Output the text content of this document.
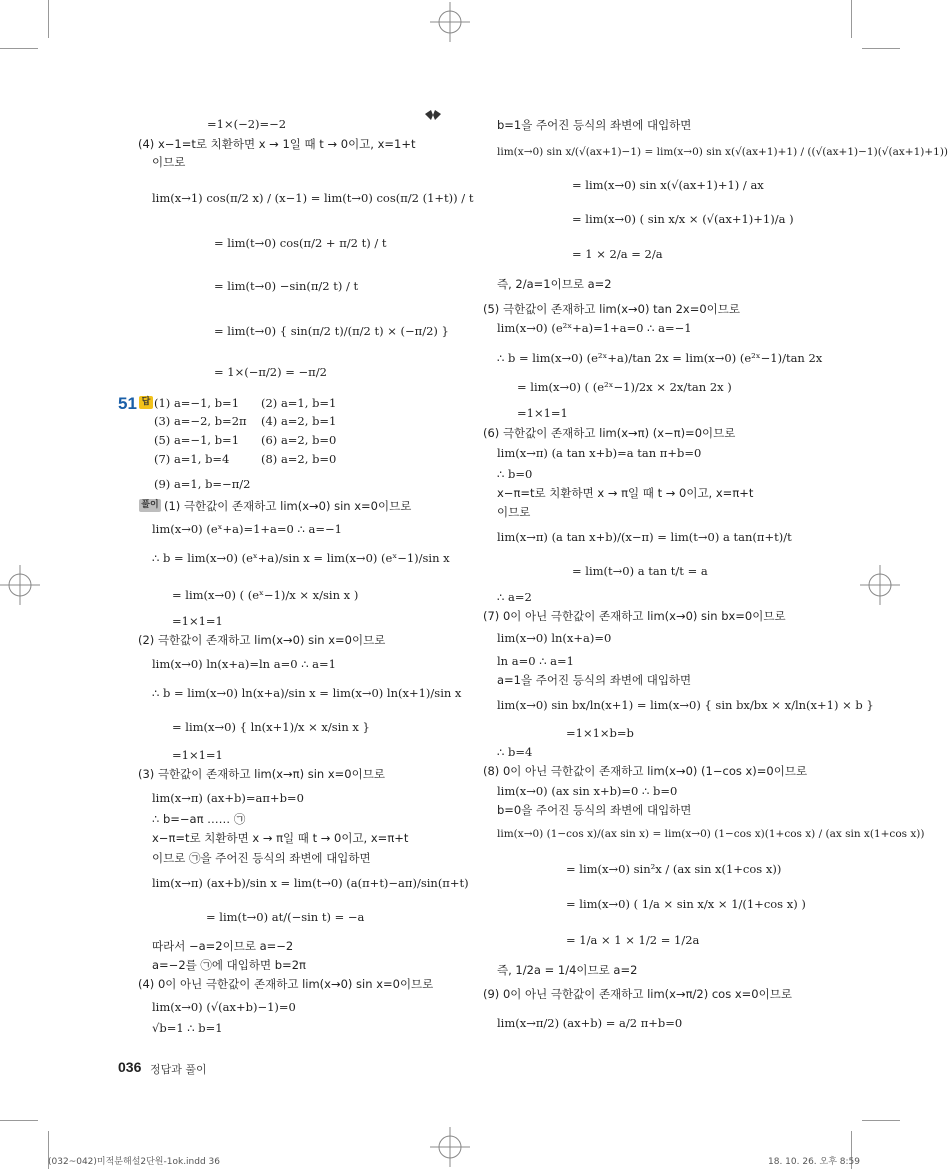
=1×(−2)=−2
(4) x−1=t로 치환하면 x → 1일 때 t → 0이고, x=1+t
이므로
lim(x→1) cos(π/2 x) / (x−1) = lim(t→0) cos(π/2 (1+t)) / t
= lim(t→0) cos(π/2 + π/2 t) / t
= lim(t→0) −sin(π/2 t) / t
= lim(t→0) { sin(π/2 t)/(π/2 t) × (−π/2) }
= 1×(−π/2) = −π/2
51 답 (1) a=−1, b=1 (2) a=1, b=1
(3) a=−2, b=2π (4) a=2, b=1
(5) a=−1, b=1 (6) a=2, b=0
(7) a=1, b=4	(8) a=2, b=0
(9) a=1, b=−π/2
풀이 (1) 극한값이 존재하고 lim(x→0) sin x=0이므로
lim(x→0) (eˣ+a)=1+a=0 ∴ a=−1
∴ b = lim(x→0) (eˣ+a)/sin x = lim(x→0) (eˣ−1)/sin x
= lim(x→0) ( (eˣ−1)/x × x/sin x )
=1×1=1
(2) 극한값이 존재하고 lim(x→0) sin x=0이므로
lim(x→0) ln(x+a)=ln a=0 ∴ a=1
∴ b = lim(x→0) ln(x+a)/sin x = lim(x→0) ln(x+1)/sin x
= lim(x→0) { ln(x+1)/x × x/sin x }
=1×1=1
(3) 극한값이 존재하고 lim(x→π) sin x=0이므로
lim(x→π) (ax+b)=aπ+b=0
∴ b=−aπ …… ㉠
x−π=t로 치환하면 x → π일 때 t → 0이고, x=π+t
이므로 ㉠을 주어진 등식의 좌변에 대입하면
lim(x→π) (ax+b)/sin x = lim(t→0) (a(π+t)−aπ)/sin(π+t)
= lim(t→0) at/(−sin t) = −a
따라서 −a=2이므로 a=−2
a=−2를 ㉠에 대입하면 b=2π
(4) 0이 아닌 극한값이 존재하고 lim(x→0) sin x=0이므로
lim(x→0) (√(ax+b)−1)=0
√b=1 ∴ b=1
b=1을 주어진 등식의 좌변에 대입하면
lim(x→0) sin x/(√(ax+1)−1) = lim(x→0) sin x(√(ax+1)+1) / ((√(ax+1)−1)(√(ax+1)+1))
= lim(x→0) sin x(√(ax+1)+1) / ax
= lim(x→0) ( sin x/x × (√(ax+1)+1)/a )
= 1 × 2/a = 2/a
즉, 2/a=1이므로 a=2
(5) 극한값이 존재하고 lim(x→0) tan 2x=0이므로
lim(x→0) (e²ˣ+a)=1+a=0 ∴ a=−1
∴ b = lim(x→0) (e²ˣ+a)/tan 2x = lim(x→0) (e²ˣ−1)/tan 2x
= lim(x→0) ( (e²ˣ−1)/2x × 2x/tan 2x )
=1×1=1
(6) 극한값이 존재하고 lim(x→π) (x−π)=0이므로
lim(x→π) (a tan x+b)=a tan π+b=0
∴ b=0
x−π=t로 치환하면 x → π일 때 t → 0이고, x=π+t
이므로
lim(x→π) (a tan x+b)/(x−π) = lim(t→0) a tan(π+t)/t
= lim(t→0) a tan t/t = a
∴ a=2
(7) 0이 아닌 극한값이 존재하고 lim(x→0) sin bx=0이므로
lim(x→0) ln(x+a)=0
ln a=0 ∴ a=1
a=1을 주어진 등식의 좌변에 대입하면
lim(x→0) sin bx/ln(x+1) = lim(x→0) { sin bx/bx × x/ln(x+1) × b }
=1×1×b=b
∴ b=4
(8) 0이 아닌 극한값이 존재하고 lim(x→0) (1−cos x)=0이므로
lim(x→0) (ax sin x+b)=0 ∴ b=0
b=0을 주어진 등식의 좌변에 대입하면
lim(x→0) (1−cos x)/(ax sin x) = lim(x→0) (1−cos x)(1+cos x) / (ax sin x(1+cos x))
= lim(x→0) sin²x / (ax sin x(1+cos x))
= lim(x→0) ( 1/a × sin x/x × 1/(1+cos x) )
= 1/a × 1 × 1/2 = 1/2a
즉, 1/2a = 1/4이므로 a=2
(9) 0이 아닌 극한값이 존재하고 lim(x→π/2) cos x=0이므로
lim(x→π/2) (ax+b) = a/2 π+b=0
036 정답과 풀이
(032~042)미적분해설2단원-1ok.indd 36	18. 10. 26. 오후 8:59
